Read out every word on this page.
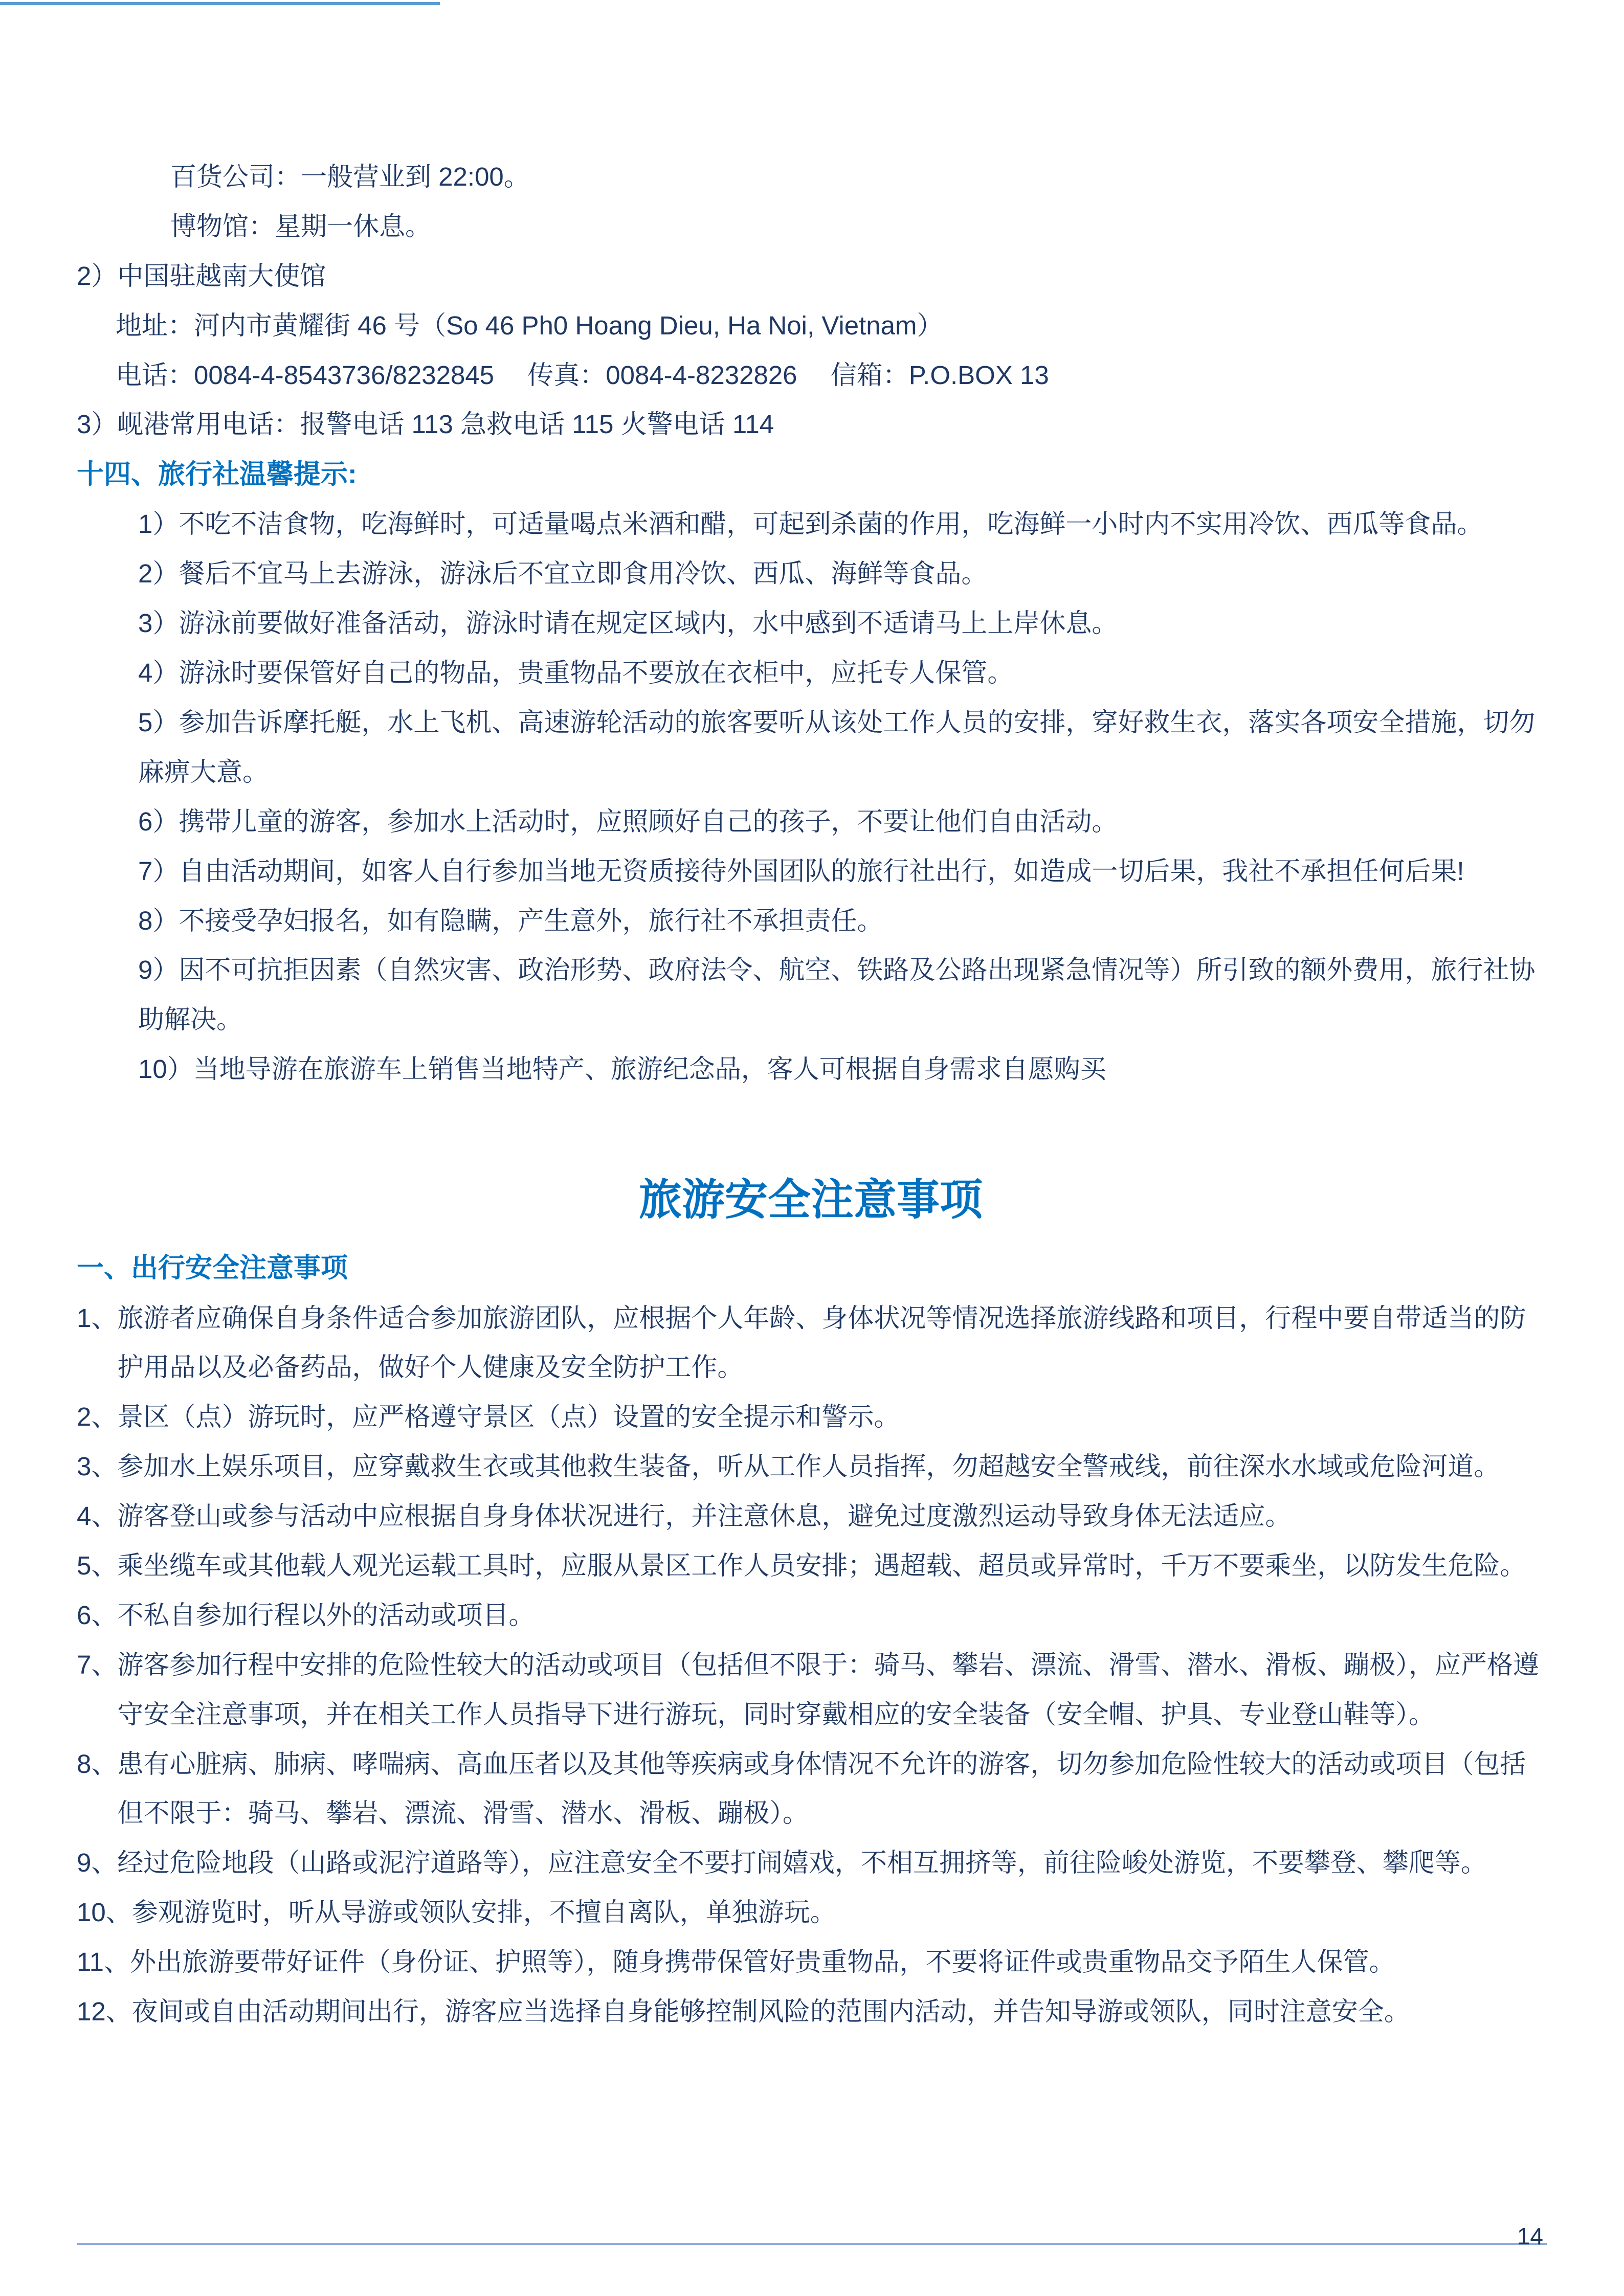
百货公司：一般营业到 22:00。

博物馆：星期一休息。

2）中国驻越南大使馆

地址：河内市黄耀街 46 号（So 46 Ph0 Hoang Dieu, Ha Noi, Vietnam）

电话：0084-4-8543736/8232845　 传真：0084-4-8232826　 信箱：P.O.BOX 13

3）岘港常用电话：报警电话 113 急救电话 115 火警电话 114

十四、旅行社温馨提示:

1）不吃不洁食物，吃海鲜时，可适量喝点米酒和醋，可起到杀菌的作用，吃海鲜一小时内不实用冷饮、西瓜等食品。

2）餐后不宜马上去游泳，游泳后不宜立即食用冷饮、西瓜、海鲜等食品。

3）游泳前要做好准备活动，游泳时请在规定区域内，水中感到不适请马上上岸休息。

4）游泳时要保管好自己的物品，贵重物品不要放在衣柜中，应托专人保管。

5）参加告诉摩托艇，水上飞机、高速游轮活动的旅客要听从该处工作人员的安排，穿好救生衣，落实各项安全措施，切勿麻痹大意。

6）携带儿童的游客，参加水上活动时，应照顾好自己的孩子，不要让他们自由活动。

7）自由活动期间，如客人自行参加当地无资质接待外国团队的旅行社出行，如造成一切后果，我社不承担任何后果!

8）不接受孕妇报名，如有隐瞒，产生意外，旅行社不承担责任。

9）因不可抗拒因素（自然灾害、政治形势、政府法令、航空、铁路及公路出现紧急情况等）所引致的额外费用，旅行社协助解决。

10）当地导游在旅游车上销售当地特产、旅游纪念品，客人可根据自身需求自愿购买

旅游安全注意事项
一、出行安全注意事项
1、 旅游者应确保自身条件适合参加旅游团队，应根据个人年龄、身体状况等情况选择旅游线路和项目，行程中要自带适当的防护用品以及必备药品，做好个人健康及安全防护工作。
2、 景区（点）游玩时，应严格遵守景区（点）设置的安全提示和警示。
3、 参加水上娱乐项目，应穿戴救生衣或其他救生装备，听从工作人员指挥，勿超越安全警戒线，前往深水水域或危险河道。
4、 游客登山或参与活动中应根据自身身体状况进行，并注意休息，避免过度激烈运动导致身体无法适应。
5、 乘坐缆车或其他载人观光运载工具时，应服从景区工作人员安排；遇超载、超员或异常时，千万不要乘坐，以防发生危险。
6、 不私自参加行程以外的活动或项目。
7、 游客参加行程中安排的危险性较大的活动或项目（包括但不限于：骑马、攀岩、漂流、滑雪、潜水、滑板、蹦极），应严格遵守安全注意事项，并在相关工作人员指导下进行游玩，同时穿戴相应的安全装备（安全帽、护具、专业登山鞋等）。
8、 患有心脏病、肺病、哮喘病、高血压者以及其他等疾病或身体情况不允许的游客，切勿参加危险性较大的活动或项目（包括但不限于：骑马、攀岩、漂流、滑雪、潜水、滑板、蹦极）。
9、 经过危险地段（山路或泥泞道路等），应注意安全不要打闹嬉戏，不相互拥挤等，前往险峻处游览，不要攀登、攀爬等。
10、 参观游览时，听从导游或领队安排，不擅自离队，单独游玩。
11、 外出旅游要带好证件（身份证、护照等），随身携带保管好贵重物品，不要将证件或贵重物品交予陌生人保管。
12、 夜间或自由活动期间出行，游客应当选择自身能够控制风险的范围内活动，并告知导游或领队，同时注意安全。
14
